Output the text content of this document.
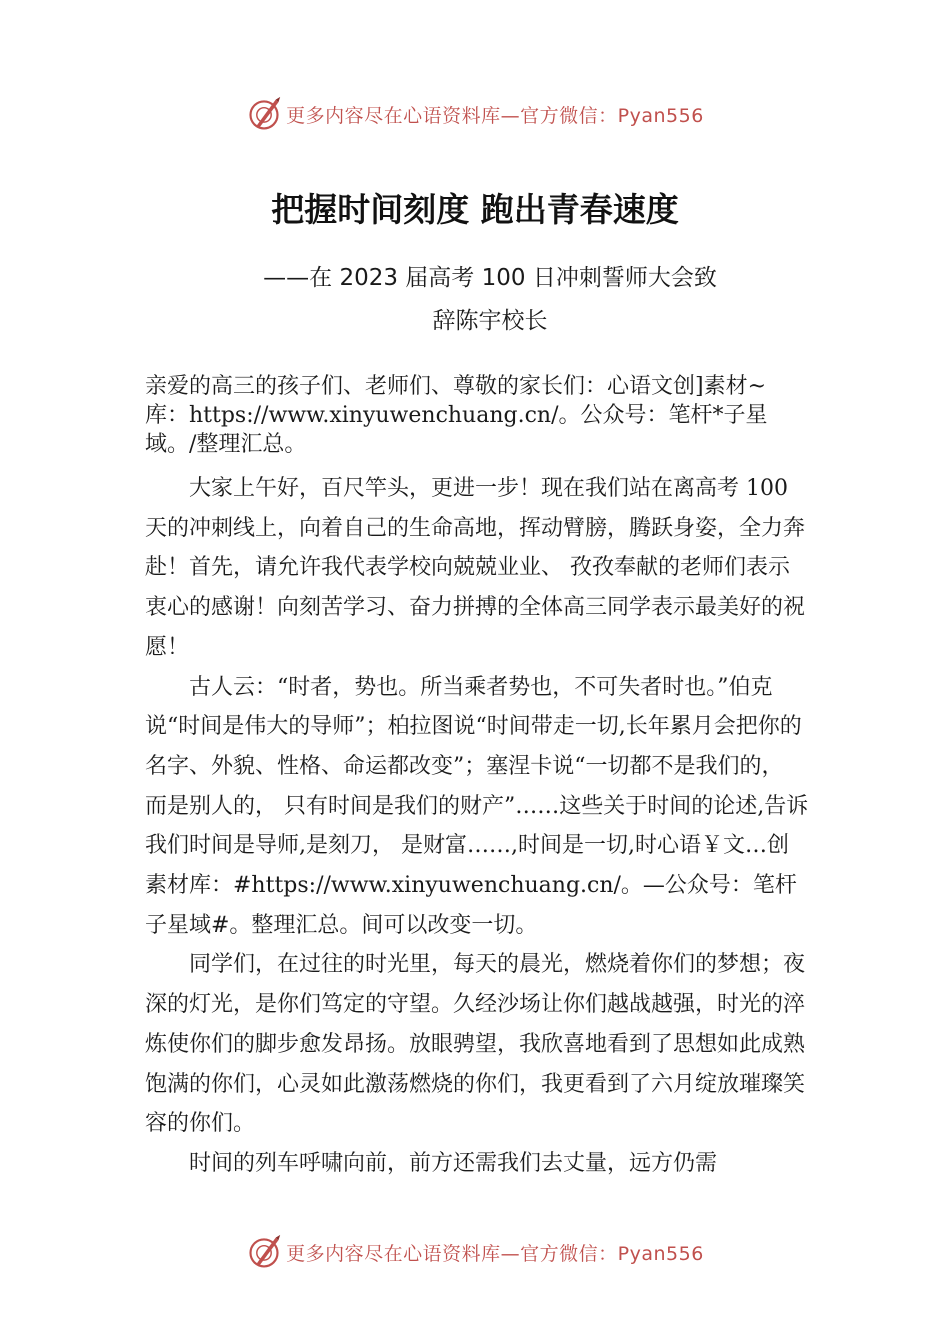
更多内容尽在心语资料库—官方微信：Pyan556
把握时间刻度 跑出青春速度
——在 2023 届高考 100 日冲刺誓师大会致
辞陈宇校长

亲爱的高三的孩子们、老师们、尊敬的家长们：心语文创]素材~库：https://www.xinyuwenchuang.cn/。公众号：笔杆*子星域。/整理汇总。

大家上午好，百尺竿头，更进一步！现在我们站在离高考 100 天的冲刺线上，向着自己的生命高地，挥动臂膀，腾跃身姿，全力奔赴！首先，请允许我代表学校向兢兢业业、 孜孜奉献的老师们表示衷心的感谢！向刻苦学习、奋力拼搏的全体高三同学表示最美好的祝愿！

古人云：“时者，势也。所当乘者势也，不可失者时也。”伯克说“时间是伟大的导师”；柏拉图说“时间带走一切,长年累月会把你的名字、外貌、性格、命运都改变”；塞涅卡说“一切都不是我们的， 而是别人的， 只有时间是我们的财产”……这些关于时间的论述,告诉我们时间是导师,是刻刀， 是财富……,时间是一切,时心语￥文…创素材库：#https://www.xinyuwenchuang.cn/。—公众号：笔杆子星域#。整理汇总。间可以改变一切。

同学们，在过往的时光里，每天的晨光，燃烧着你们的梦想；夜深的灯光，是你们笃定的守望。久经沙场让你们越战越强，时光的淬炼使你们的脚步愈发昂扬。放眼骋望，我欣喜地看到了思想如此成熟饱满的你们，心灵如此激荡燃烧的你们，我更看到了六月绽放璀璨笑容的你们。

时间的列车呼啸向前，前方还需我们去丈量，远方仍需

更多内容尽在心语资料库—官方微信：Pyan556
